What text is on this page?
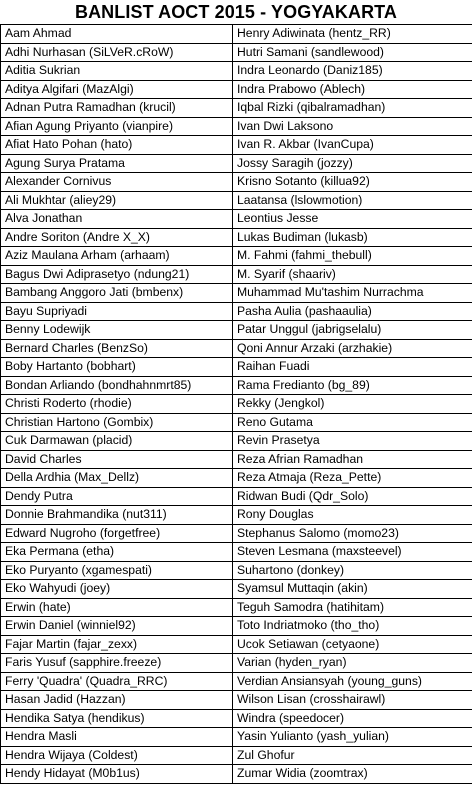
BANLIST AOCT 2015 - YOGYAKARTA
Aam Ahmad	Henry Adiwinata (hentz_RR)
Adhi Nurhasan (SiLVeR.cRoW)	Hutri Samani (sandlewood)
Aditia Sukrian	Indra Leonardo (Daniz185)
Aditya Algifari (MazAlgi)	Indra Prabowo (Ablech)
Adnan Putra Ramadhan (krucil)	Iqbal Rizki (qibalramadhan)
Afian Agung Priyanto (vianpire)	Ivan Dwi Laksono
Afiat Hato Pohan (hato)	Ivan R. Akbar (IvanCupa)
Agung Surya Pratama	Jossy Saragih (jozzy)
Alexander Cornivus	Krisno Sotanto (killua92)
Ali Mukhtar (aliey29)	Laatansa (lslowmotion)
Alva Jonathan	Leontius Jesse
Andre Soriton (Andre X_X)	Lukas Budiman (lukasb)
Aziz Maulana Arham (arhaam)	M. Fahmi (fahmi_thebull)
Bagus Dwi Adiprasetyo (ndung21)	M. Syarif (shaariv)
Bambang Anggoro Jati (bmbenx)	Muhammad Mu'tashim Nurrachma
Bayu Supriyadi	Pasha Aulia (pashaaulia)
Benny Lodewijk	Patar Unggul (jabrigselalu)
Bernard Charles (BenzSo)	Qoni Annur Arzaki (arzhakie)
Boby Hartanto (bobhart)	Raihan Fuadi
Bondan Arliando (bondhahnmrt85)	Rama Fredianto (bg_89)
Christi Roderto (rhodie)	Rekky (Jengkol)
Christian Hartono (Gombix)	Reno Gutama
Cuk Darmawan (placid)	Revin Prasetya
David Charles	Reza Afrian Ramadhan
Della Ardhia (Max_Dellz)	Reza Atmaja (Reza_Pette)
Dendy Putra	Ridwan Budi (Qdr_Solo)
Donnie Brahmandika (nut311)	Rony Douglas
Edward Nugroho (forgetfree)	Stephanus Salomo (momo23)
Eka Permana (etha)	Steven Lesmana (maxsteevel)
Eko Puryanto (xgamespati)	Suhartono (donkey)
Eko Wahyudi (joey)	Syamsul Muttaqin (akin)
Erwin (hate)	Teguh Samodra (hatihitam)
Erwin Daniel (winniel92)	Toto Indriatmoko (tho_tho)
Fajar Martin (fajar_zexx)	Ucok Setiawan (cetyaone)
Faris Yusuf (sapphire.freeze)	Varian (hyden_ryan)
Ferry 'Quadra' (Quadra_RRC)	Verdian Ansiansyah (young_guns)
Hasan Jadid (Hazzan)	Wilson Lisan (crosshairawl)
Hendika Satya (hendikus)	Windra (speedocer)
Hendra Masli	Yasin Yulianto (yash_yulian)
Hendra Wijaya (Coldest)	Zul Ghofur
Hendy Hidayat (M0b1us)	Zumar Widia (zoomtrax)
